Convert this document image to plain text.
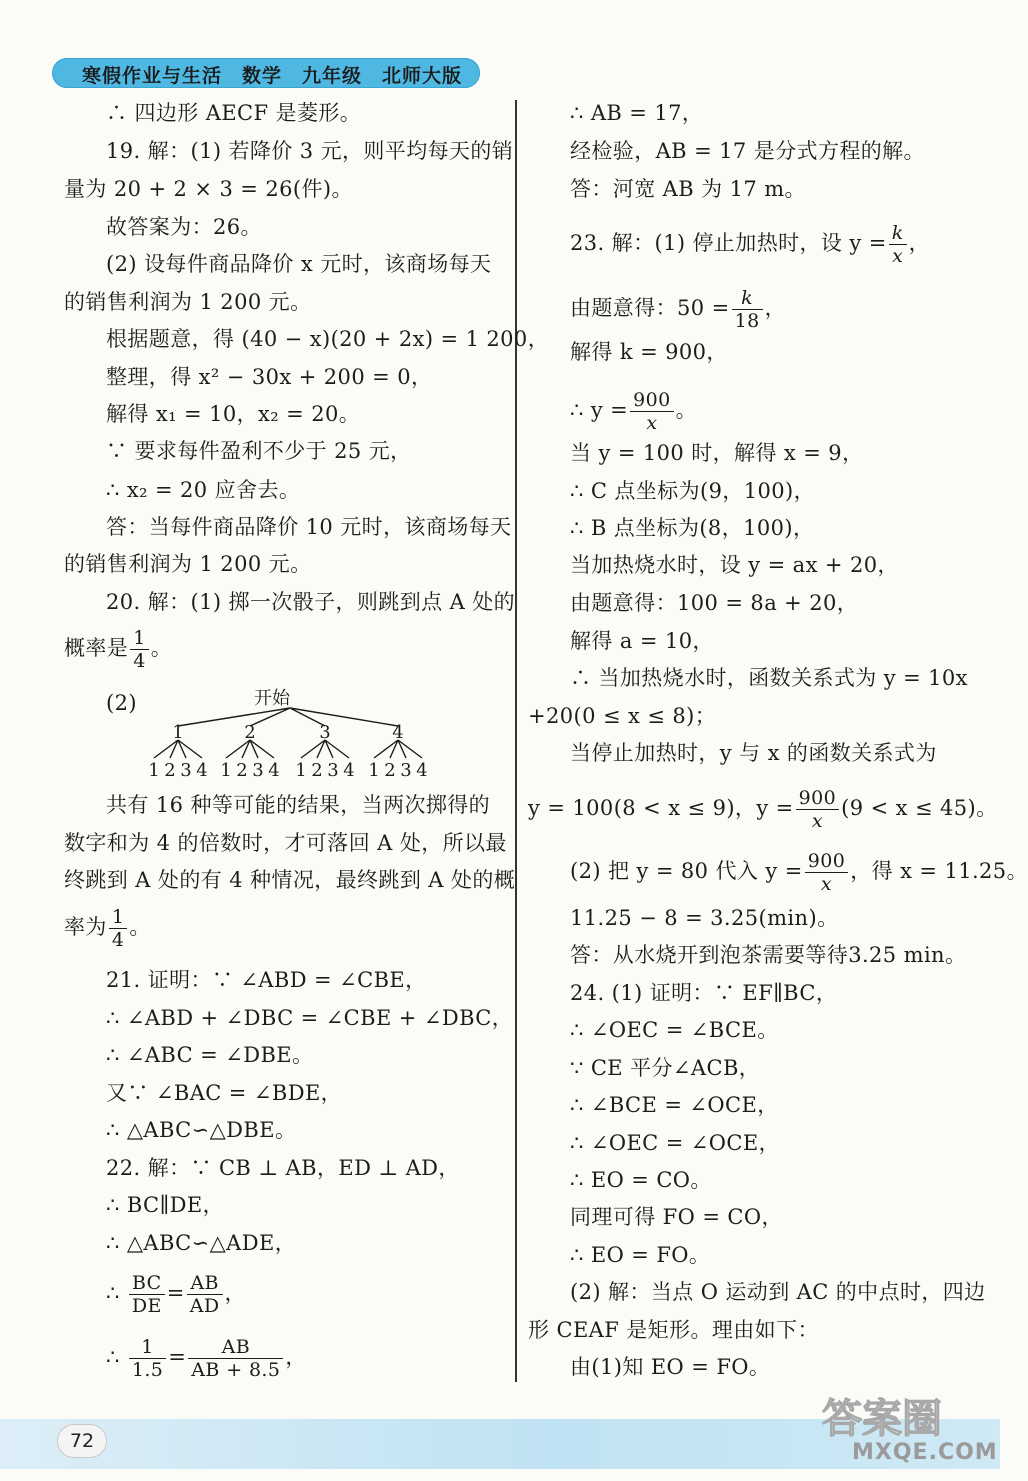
寒假作业与生活　数学　九年级　北师大版
∴ 四边形 AECF 是菱形。
19. 解：(1) 若降价 3 元，则平均每天的销
量为 20 + 2 × 3 = 26(件)。
故答案为：26。
(2) 设每件商品降价 x 元时，该商场每天
的销售利润为 1 200 元。
根据题意，得 (40 − x)(20 + 2x) = 1 200，
整理，得 x² − 30x + 200 = 0，
解得 x₁ = 10，x₂ = 20。
∵ 要求每件盈利不少于 25 元，
∴ x₂ = 20 应舍去。
答：当每件商品降价 10 元时，该商场每天
的销售利润为 1 200 元。
20. 解：(1) 掷一次骰子，则跳到点 A 处的
概率是 $\frac{1}{4}$ 。
(2)	开始
1	2	3	4
1 2 3 4 1 2 3 4 1 2 3 4 1 2 3 4
共有 16 种等可能的结果，当两次掷得的
数字和为 4 的倍数时，才可落回 A 处，所以最
终跳到 A 处的有 4 种情况，最终跳到 A 处的概
率为 $\frac{1}{4}$ 。
21. 证明：∵ ∠ABD = ∠CBE，
∴ ∠ABD + ∠DBC = ∠CBE + ∠DBC，
∴ ∠ABC = ∠DBE。
又∵ ∠BAC = ∠BDE，
∴ △ABC∽△DBE。
22. 解：∵ CB ⊥ AB，ED ⊥ AD，
∴ BC∥DE，
∴ △ABC∽△ADE，
∴ $\frac{BC}{DE} = \frac{AB}{AD}$ ，
∴ $\frac{1}{1.5} = \frac{AB}{AB + 8.5}$ ，
∴ AB = 17，
经检验，AB = 17 是分式方程的解。
答：河宽 AB 为 17 m。
23. 解：(1) 停止加热时，设 $y = \frac{k}{x}$ ，
由题意得：$50 = \frac{k}{18}$ ，
解得 k = 900，
∴ $y = \frac{900}{x}$ 。
当 y = 100 时，解得 x = 9，
∴ C 点坐标为(9，100)，
∴ B 点坐标为(8，100)，
当加热烧水时，设 y = ax + 20，
由题意得：100 = 8a + 20，
解得 a = 10，
∴ 当加热烧水时，函数关系式为 y = 10x
+20(0 ≤ x ≤ 8)；
当停止加热时，y 与 x 的函数关系式为
y = 100(8 < x ≤ 9)，$y = \frac{900}{x} (9 < x \le 45)$。
(2) 把 y = 80 代入 $y = \frac{900}{x}$ ，得 x = 11.25。
11.25 − 8 = 3.25(min)。
答：从水烧开到泡茶需要等待3.25 min。
24. (1) 证明：∵ EF∥BC，
∴ ∠OEC = ∠BCE。
∵ CE 平分∠ACB，
∴ ∠BCE = ∠OCE，
∴ ∠OEC = ∠OCE，
∴ EO = CO。
同理可得 FO = CO，
∴ EO = FO。
(2) 解：当点 O 运动到 AC 的中点时，四边
形 CEAF 是矩形。理由如下：
由(1)知 EO = FO。
72	答案圈
MXQE.COM
